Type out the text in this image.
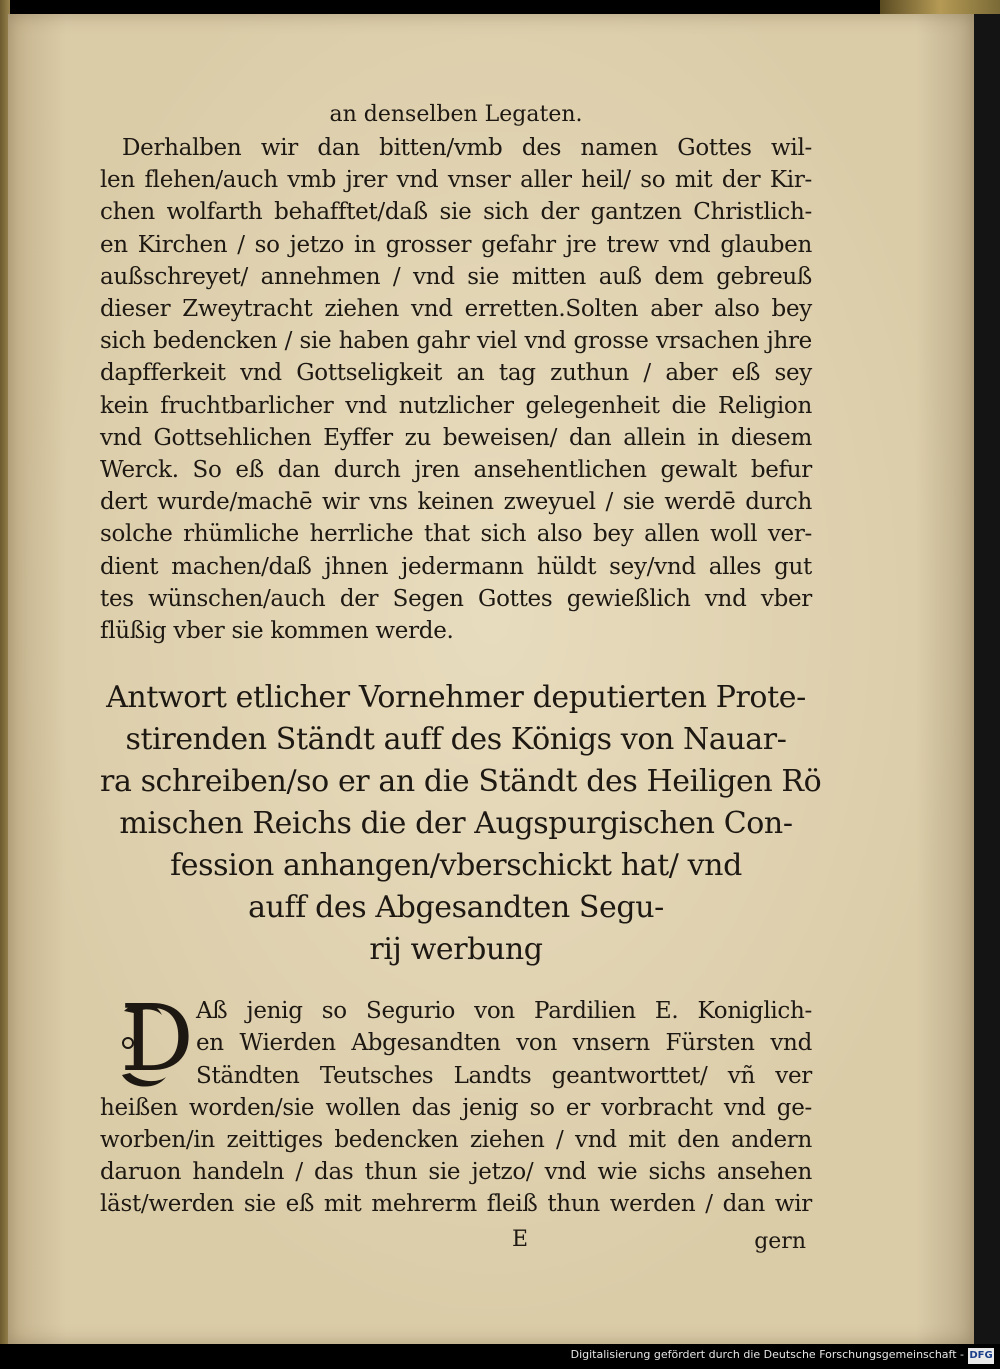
an denselben Legaten.
Derhalben wir dan bitten/vmb des namen Gottes wil-
len flehen/auch vmb jrer vnd vnser aller heil/ so mit der Kir-
chen wolfarth behafftet/daß sie sich der gantzen Christlich-
en Kirchen / so jetzo in grosser gefahr jre trew vnd glauben
außschreyet/ annehmen / vnd sie mitten auß dem gebreuß
dieser Zweytracht ziehen vnd erretten.Solten aber also bey
sich bedencken / sie haben gahr viel vnd grosse vrsachen jhre
dapfferkeit vnd Gottseligkeit an tag zuthun / aber eß sey
kein fruchtbarlicher vnd nutzlicher gelegenheit die Religion
vnd Gottsehlichen Eyffer zu beweisen/ dan allein in diesem
Werck. So eß dan durch jren ansehentlichen gewalt befur
dert wurde/machē wir vns keinen zweyuel / sie werdē durch
solche rhümliche herrliche that sich also bey allen woll ver-
dient machen/daß jhnen jedermann hüldt sey/vnd alles gut
tes wünschen/auch der Segen Gottes gewießlich vnd vber
flüßig vber sie kommen werde.
Antwort etlicher Vornehmer deputierten Prote-
stirenden Ständt auff des Königs von Nauar-
ra schreiben/so er an die Ständt des Heiligen Rö
mischen Reichs die der Augspurgischen Con-
fession anhangen/vberschickt hat/ vnd
auff des Abgesandten Segu-
rij werbung
D Aß jenig so Segurio von Pardilien E. Koniglich-
en Wierden Abgesandten von vnsern Fürsten vnd
Ständten Teutsches Landts geantworttet/ vñ ver
heißen worden/sie wollen das jenig so er vorbracht vnd ge-
worben/in zeittiges bedencken ziehen / vnd mit den andern
daruon handeln / das thun sie jetzo/ vnd wie sichs ansehen
läst/werden sie eß mit mehrerm fleiß thun werden / dan wir
E	gern
Digitalisierung gefördert durch die Deutsche Forschungsgemeinschaft - DFG
